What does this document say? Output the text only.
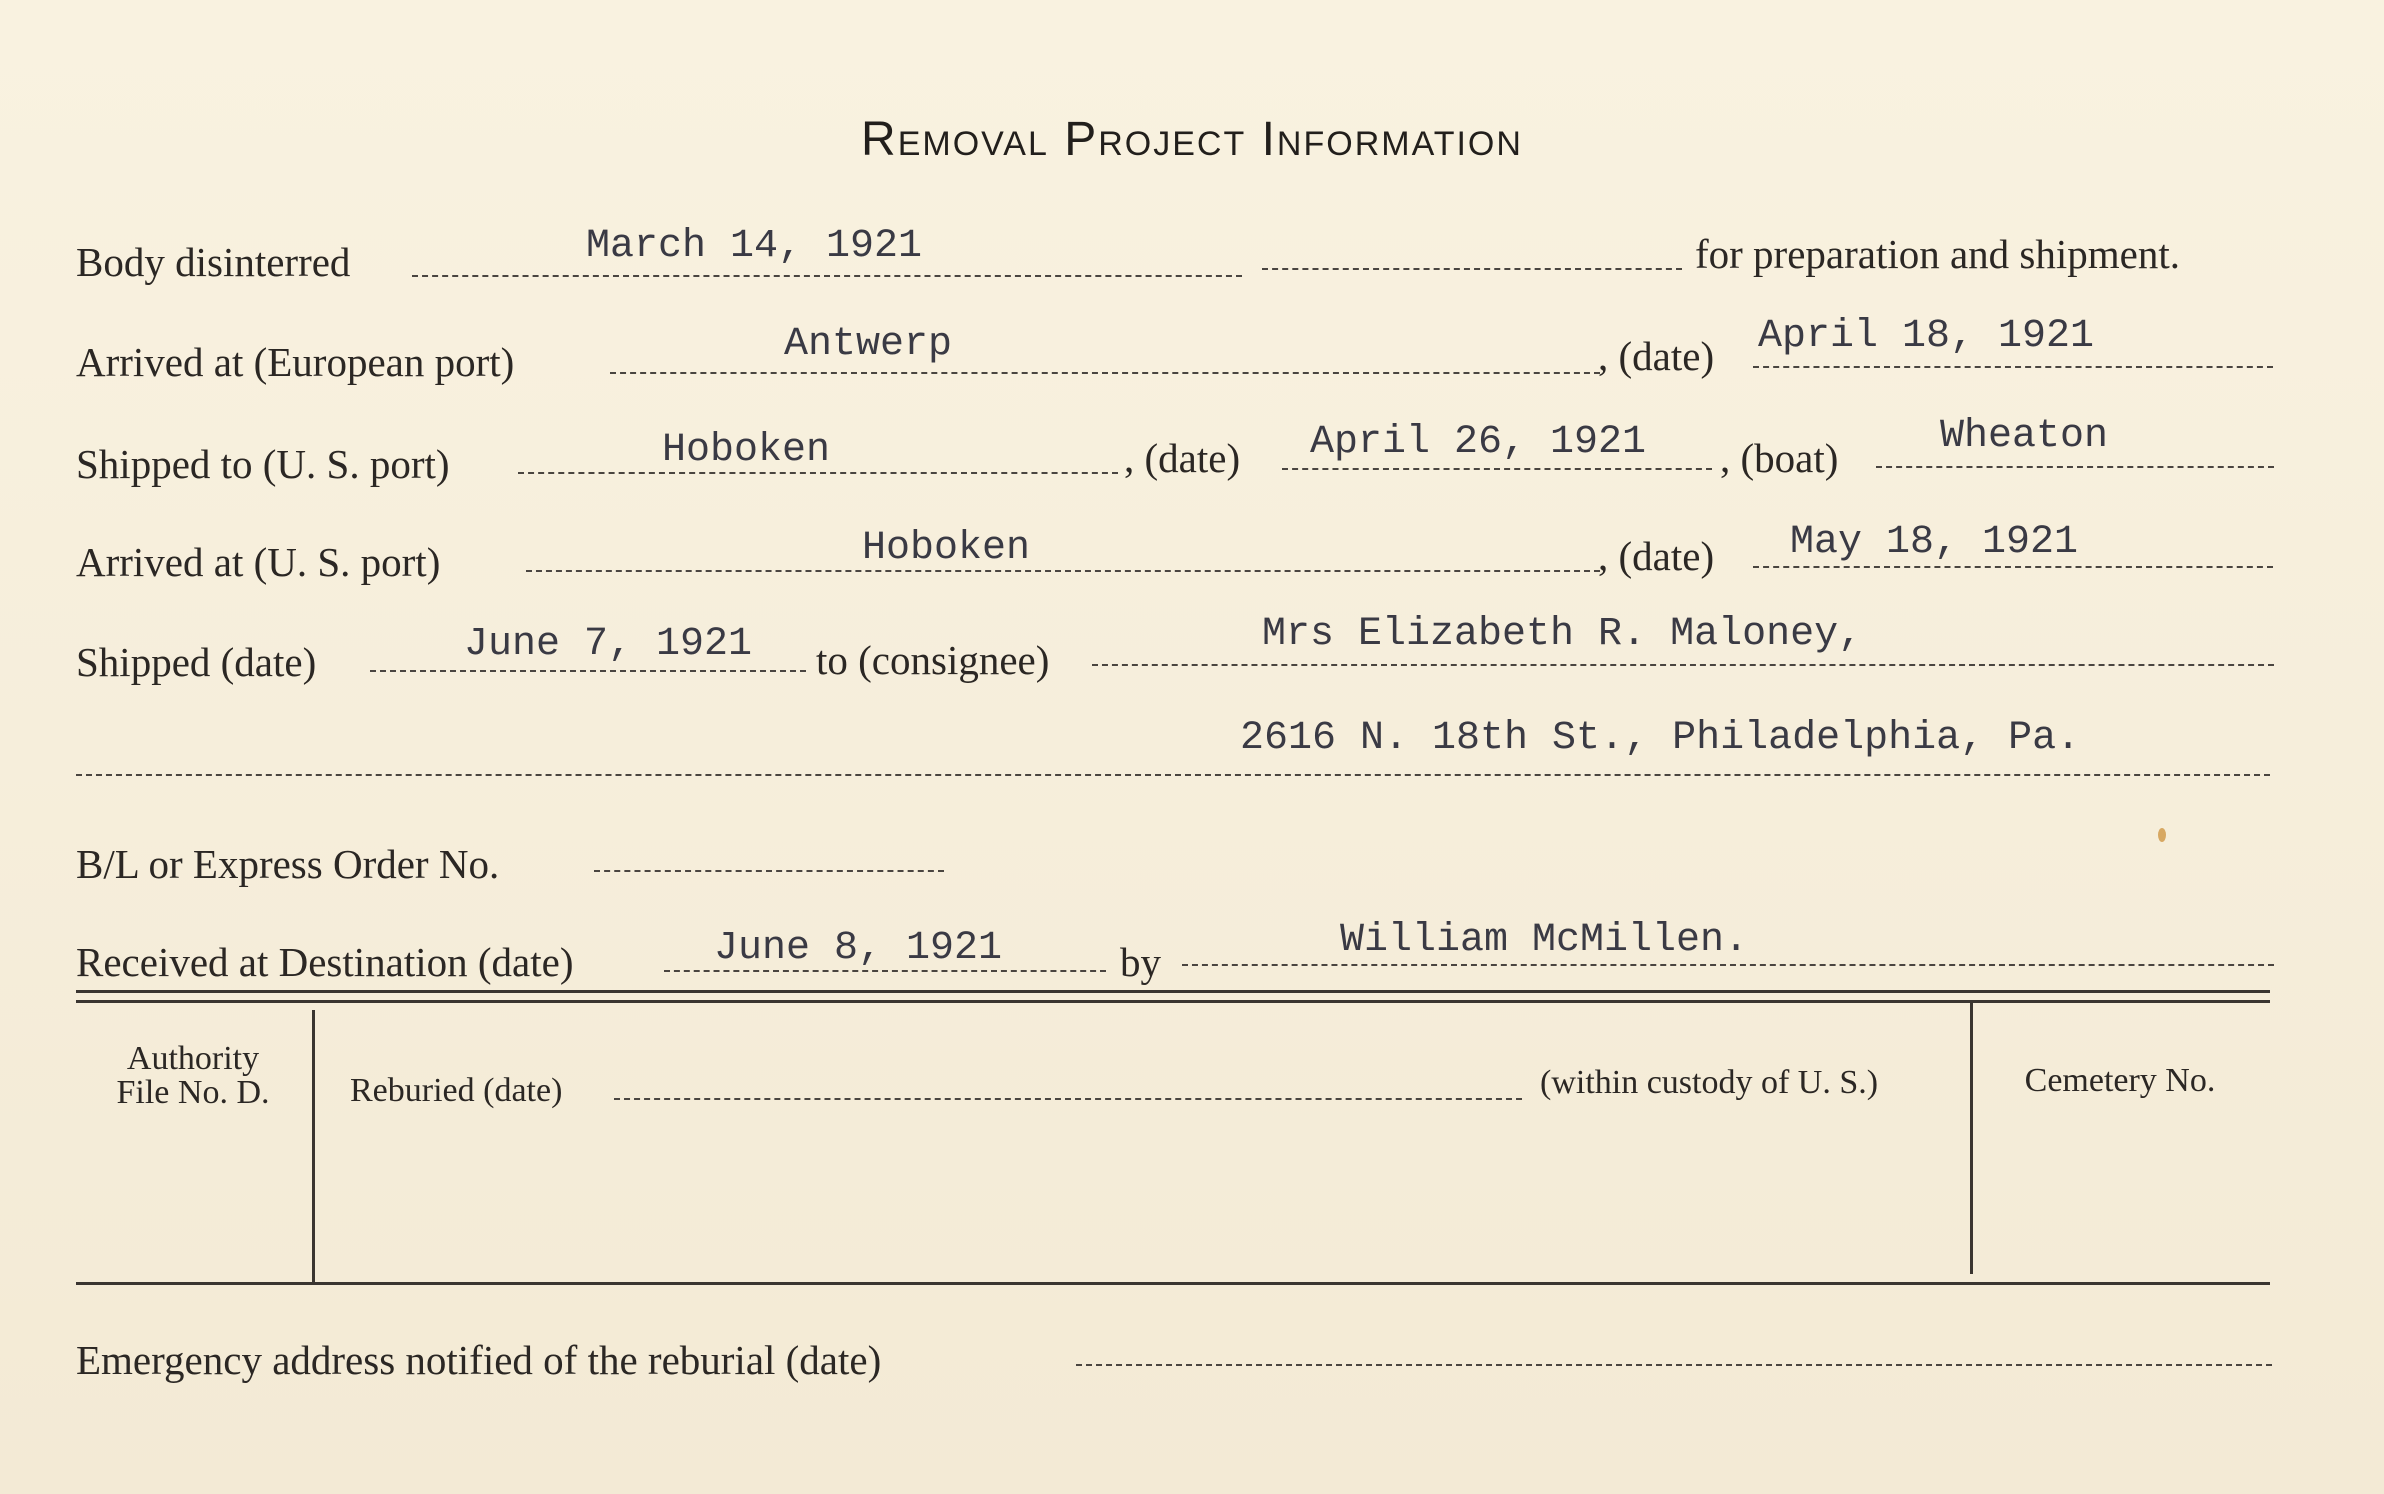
Removal Project Information
Body disinterred	March 14, 1921	for preparation and shipment.
Arrived at (European port)	Antwerp	, (date) April 18, 1921
Shipped to (U. S. port)	Hoboken	, (date) April 26, 1921 , (boat)	Wheaton
Arrived at (U. S. port)	Hoboken	, (date) May 18, 1921
Shipped (date)	June 7, 1921 to (consignee)
Mrs Elizabeth R. Maloney,
2616 N. 18th St., Philadelphia, Pa.
B/L or Express Order No.
Received at Destination (date)	June 8, 1921	by	William McMillen.
Authority
File No. D.	Reburied (date)	(within custody of U. S.)	Cemetery No.
Emergency address notified of the reburial (date)
